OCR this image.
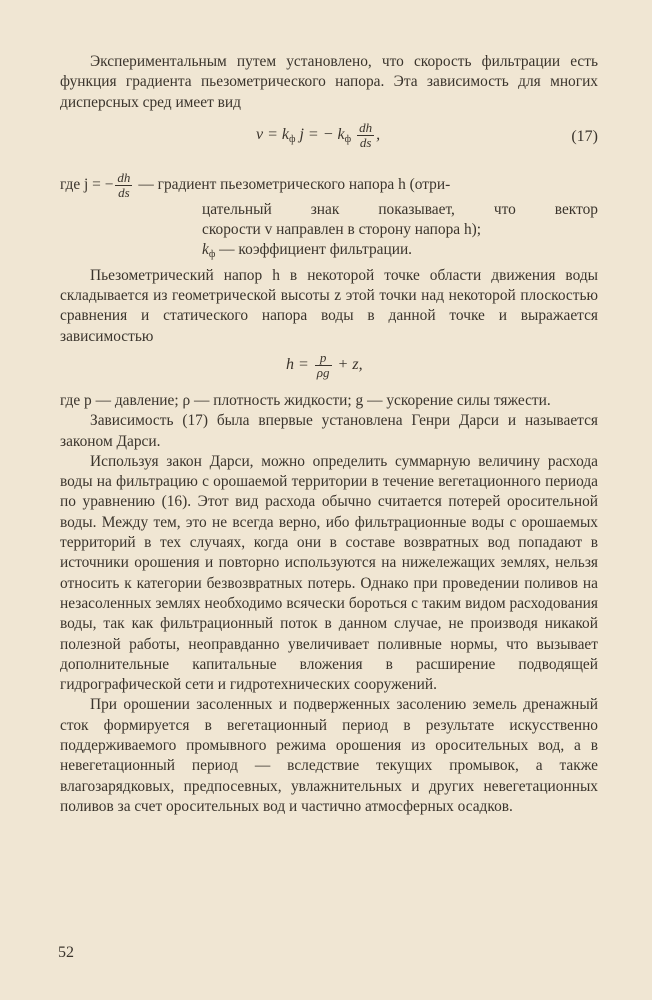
Экспериментальным путем установлено, что скорость фильтрации есть функция градиента пьезометрического напора. Эта зависимость для многих дисперсных сред имеет вид

$v = k_ф$ j = − $k_ф \frac{dh}{ds}$ ,	(17)
где j = − $\frac{dh}{ds}$ — градиент пьезометрического напора h (отри-
цательный знак показывает, что вектор
скорости v направлен в сторону напора h);
$k_ф$ — коэффициент фильтрации.

Пьезометрический напор h в некоторой точке области движения воды складывается из геометрической высоты z этой точки над некоторой плоскостью сравнения и статического напора воды в данной точке и выражается зависимостью

$h = \frac{p}{\rho g} + z$,

где p — давление; ρ — плотность жидкости; g — ускорение силы тяжести.

Зависимость (17) была впервые установлена Генри Дарси и называется законом Дарси.

Используя закон Дарси, можно определить суммарную величину расхода воды на фильтрацию с орошаемой территории в течение вегетационного периода по уравнению (16). Этот вид расхода обычно считается потерей оросительной воды. Между тем, это не всегда верно, ибо фильтрационные воды с орошаемых территорий в тех случаях, когда они в составе возвратных вод попадают в источники орошения и повторно используются на нижележащих землях, нельзя относить к категории безвозвратных потерь. Однако при проведении поливов на незасоленных землях необходимо всячески бороться с таким видом расходования воды, так как фильтрационный поток в данном случае, не производя никакой полезной работы, неоправданно увеличивает поливные нормы, что вызывает дополнительные капитальные вложения в расширение подводящей гидрографической сети и гидротехнических сооружений.

При орошении засоленных и подверженных засолению земель дренажный сток формируется в вегетационный период в результате искусственно поддерживаемого промывного режима орошения из оросительных вод, а в невегетационный период — вследствие текущих промывок, а также влагозарядковых, предпосевных, увлажнительных и других невегетационных поливов за счет оросительных вод и частично атмосферных осадков.

52
